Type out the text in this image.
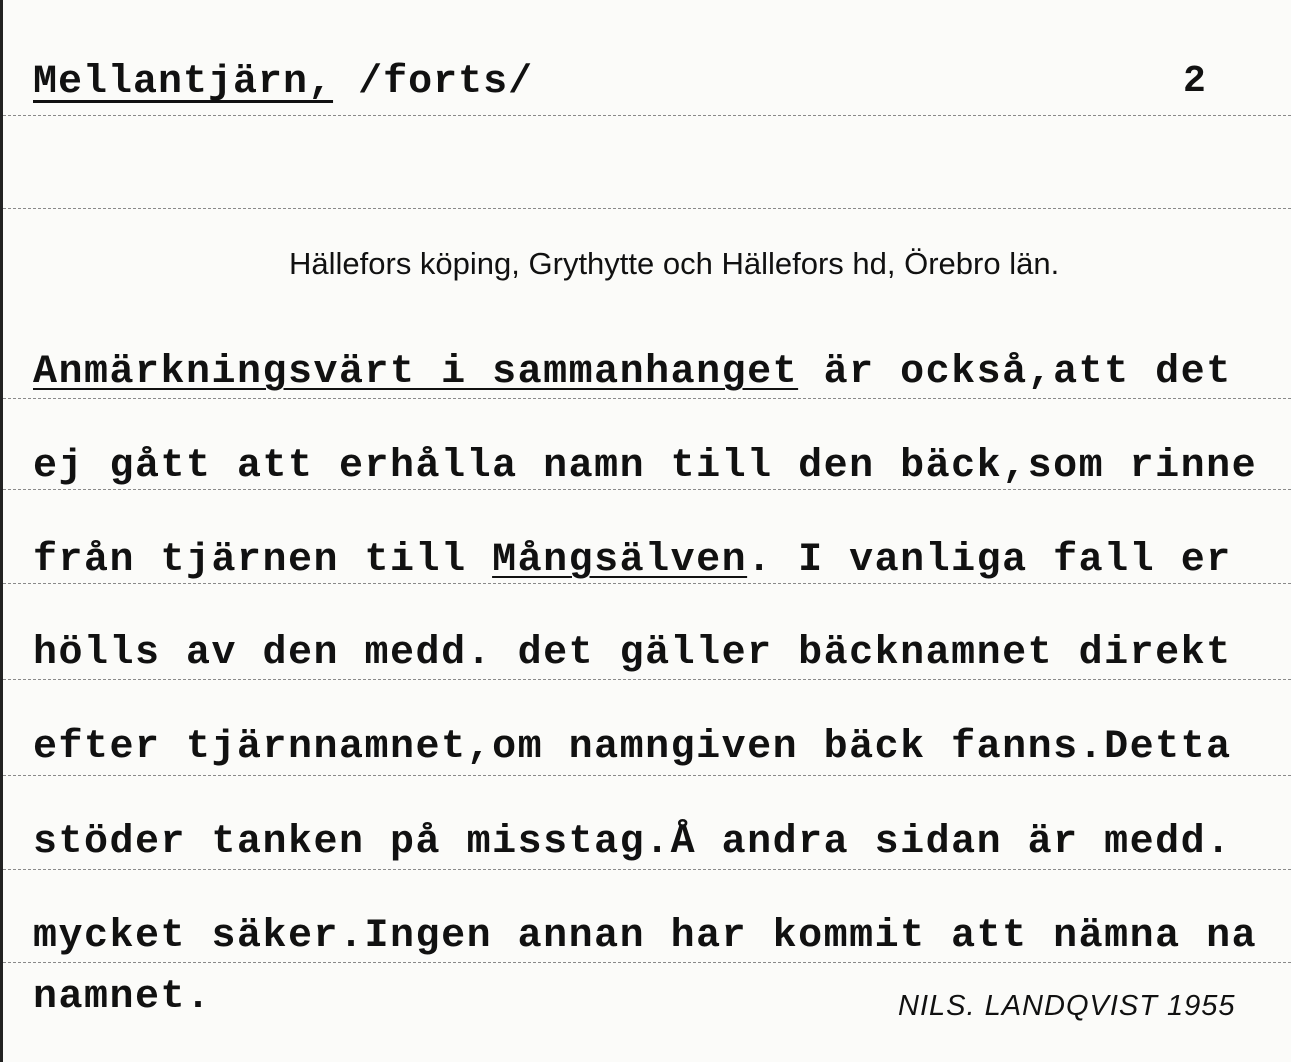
Mellantjärn, /forts/	2
Hällefors köping, Grythytte och Hällefors hd, Örebro län.
Anmärkningsvärt i sammanhanget är också,att det
ej gått att erhålla namn till den bäck,som rinne
från tjärnen till Mångsälven. I vanliga fall er
hölls av den medd. det gäller bäcknamnet direkt
efter tjärnnamnet,om namngiven bäck fanns.Detta
stöder tanken på misstag.Å andra sidan är medd.
mycket säker.Ingen annan har kommit att nämna na
namnet.	NILS. LANDQVIST 1955
